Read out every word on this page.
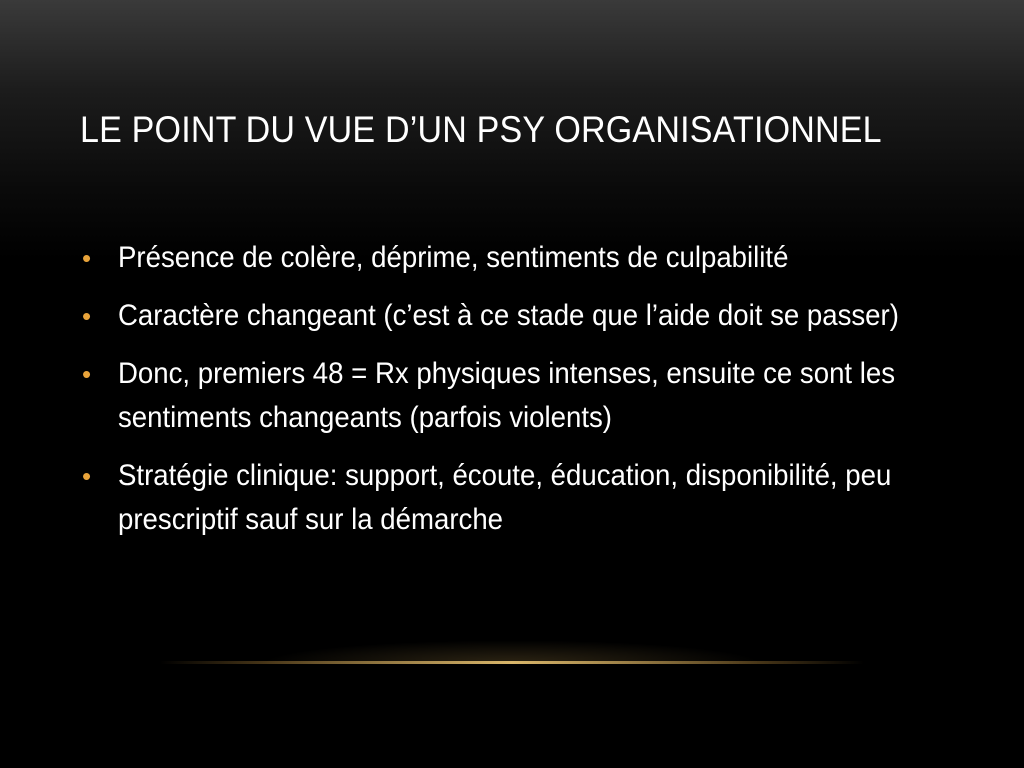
LE POINT DU VUE D’UN PSY ORGANISATIONNEL
• Présence de colère, déprime, sentiments de culpabilité
• Caractère changeant (c’est à ce stade que l’aide doit se passer)
• Donc, premiers 48 = Rx physiques intenses, ensuite ce sont les sentiments changeants (parfois violents)
• Stratégie clinique: support, écoute, éducation, disponibilité, peu prescriptif sauf sur la démarche
